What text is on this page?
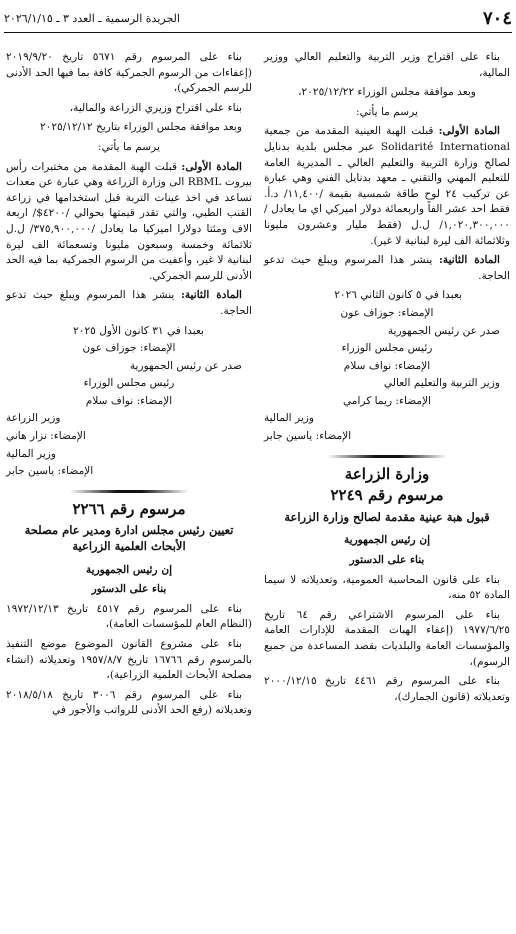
٧٠٤
الجريدة الرسمية ـ العدد ٣ ـ ٢٠٢٦/١/١٥

بناء على اقتراح وزير التربية والتعليم العالي ووزير المالية،

وبعد موافقة مجلس الوزراء ٢٠٢٥/١٢/٢٢،

يرسم ما يأتي:

المادة الأولى: قبلت الهبة العينية المقدمة من جمعية Solidarité International عبر مجلس بلدية بدنايل لصالح وزارة التربية والتعليم العالي ـ المديرية العامة للتعليم المهني والتقني ـ معهد بدنايل الفني وهي عبارة عن تركيب ٢٤ لوح طاقة شمسية بقيمة /١١,٤٠٠/ د.أ. فقط احد عشر الفاً واربعمائة دولار اميركي اي ما يعادل /١,٠٢٠,٣٠٠,٠٠٠/ ل.ل (فقط مليار وعشرون مليونا وثلاثمائة الف ليرة لبنانية لا غير).

المادة الثانية: ينشر هذا المرسوم ويبلغ حيث تدعو الحاجة.

بعبدا في ٥ كانون الثاني ٢٠٢٦

الإمضاء: جوزاف عون

صدر عن رئيس الجمهورية

رئيس مجلس الوزراء

الإمضاء: نواف سلام

وزير التربية والتعليم العالي

الإمضاء: ريما كرامي

وزير المالية

الإمضاء: ياسين جابر

وزارة الزراعة
مرسوم رقم ٢٢٤٩
قبول هبة عينية مقدمة لصالح وزارة الزراعة

إن رئيس الجمهورية

بناء على الدستور

بناء على قانون المحاسبة العمومية، وتعديلاته لا سيما المادة ٥٢ منه،

بناء على المرسوم الاشتراعي رقم ٦٤ تاريخ ١٩٧٧/٦/٢٥ (إعفاء الهبات المقدمة للإدارات العامة والمؤسسات العامة والبلديات بقصد المساعدة من جميع الرسوم)،

بناء على المرسوم رقم ٤٤٦١ تاريخ ٢٠٠٠/١٢/١٥ وتعديلاته (قانون الجمارك)،

بناء على المرسوم رقم ٥٦٧١ تاريخ ٢٠١٩/٩/٢٠ (إعفاءات من الرسوم الجمركية كافة بما فيها الحد الأدنى للرسم الجمركي)،

بناء على اقتراح وزيري الزراعة والمالية،

وبعد موافقة مجلس الوزراء بتاريخ ٢٠٢٥/١٢/١٢

يرسم ما يأتي:

المادة الأولى: قبلت الهبة المقدمة من مختبرات رأس بيروت RBML الى وزارة الزراعة وهي عبارة عن معدات تساعد في اخذ عينات التربة قبل استخدامها في زراعة القنب الطبي، والتي تقدر قيمتها بحوالي /٤٢٠٠$/ اربعة الاف ومئتا دولارا اميركيا ما يعادل /٣٧٥,٩٠٠,٠٠٠/ ل.ل ثلاثمائة وخمسة وسبعون مليونا وتسعمائة الف ليرة لبنانية لا غير، وأعفيت من الرسوم الجمركية بما فيه الحد الأدنى للرسم الجمركي.

المادة الثانية: ينشر هذا المرسوم ويبلغ حيث تدعو الحاجة.

بعبدا في ٣١ كانون الأول ٢٠٢٥

الإمضاء: جوزاف عون

صدر عن رئيس الجمهورية

رئيس مجلس الوزراء

الإمضاء: نواف سلام

وزير الزراعة

الإمضاء: نزار هاني

وزير المالية

الإمضاء: ياسين جابر

مرسوم رقم ٢٢٦٦
تعيين رئيس مجلس ادارة ومدير عام مصلحة الأبحاث العلمية الزراعية

إن رئيس الجمهورية

بناء على الدستور

بناء على المرسوم رقم ٤٥١٧ تاريخ ١٩٧٢/١٢/١٣ (النظام العام للمؤسسات العامة)،

بناء على مشروع القانون الموضوع موضع التنفيذ بالمرسوم رقم ١٦٧٦٦ تاريخ ١٩٥٧/٨/٧ وتعديلاته (انشاء مصلحة الأبحاث العلمية الزراعية)،

بناء على المرسوم رقم ٣٠٠٦ تاريخ ٢٠١٨/٥/١٨ وتعديلاته (رفع الحد الأدنى للرواتب والأجور في
